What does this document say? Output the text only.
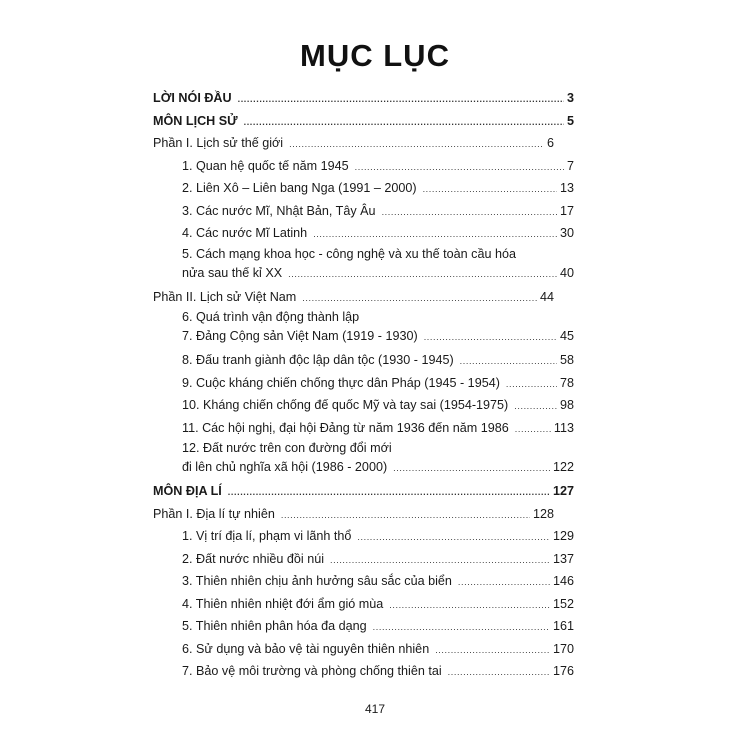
MỤC LỤC
LỜI NÓI ĐẦU .....	3
MÔN LỊCH SỬ .....	5
Phần I. Lịch sử thế giới .....	6
1. Quan hệ quốc tế năm 1945 .....	7
2. Liên Xô – Liên bang Nga (1991 – 2000) .....	13
3. Các nước Mĩ, Nhật Bản, Tây Âu .....	17
4. Các nước Mĩ Latinh .....	30
5. Cách mạng khoa học - công nghệ và xu thế toàn cầu hóa
nửa sau thế kỉ XX .....	40
Phần II. Lịch sử Việt Nam .....	44
6. Quá trình vận động thành lập
7. Đảng Cộng sản Việt Nam (1919 - 1930) .....	45
8. Đấu tranh giành độc lập dân tộc (1930 - 1945) .....	58
9. Cuộc kháng chiến chống thực dân Pháp (1945 - 1954) .....	78
10. Kháng chiến chống đế quốc Mỹ và tay sai (1954-1975) .....	98
11. Các hội nghị, đại hội Đảng từ năm 1936 đến năm 1986 .....	113
12. Đất nước trên con đường đổi mới
đi lên chủ nghĩa xã hội (1986 - 2000) .....	122
MÔN ĐỊA LÍ .....	127
Phần I. Địa lí tự nhiên .....	128
1. Vị trí địa lí, phạm vi lãnh thổ .....	129
2. Đất nước nhiều đồi núi .....	137
3. Thiên nhiên chịu ảnh hưởng sâu sắc của biển .....	146
4. Thiên nhiên nhiệt đới ẩm gió mùa .....	152
5. Thiên nhiên phân hóa đa dạng .....	161
6. Sử dụng và bảo vệ tài nguyên thiên nhiên .....	170
7. Bảo vệ môi trường và phòng chống thiên tai .....	176
417
